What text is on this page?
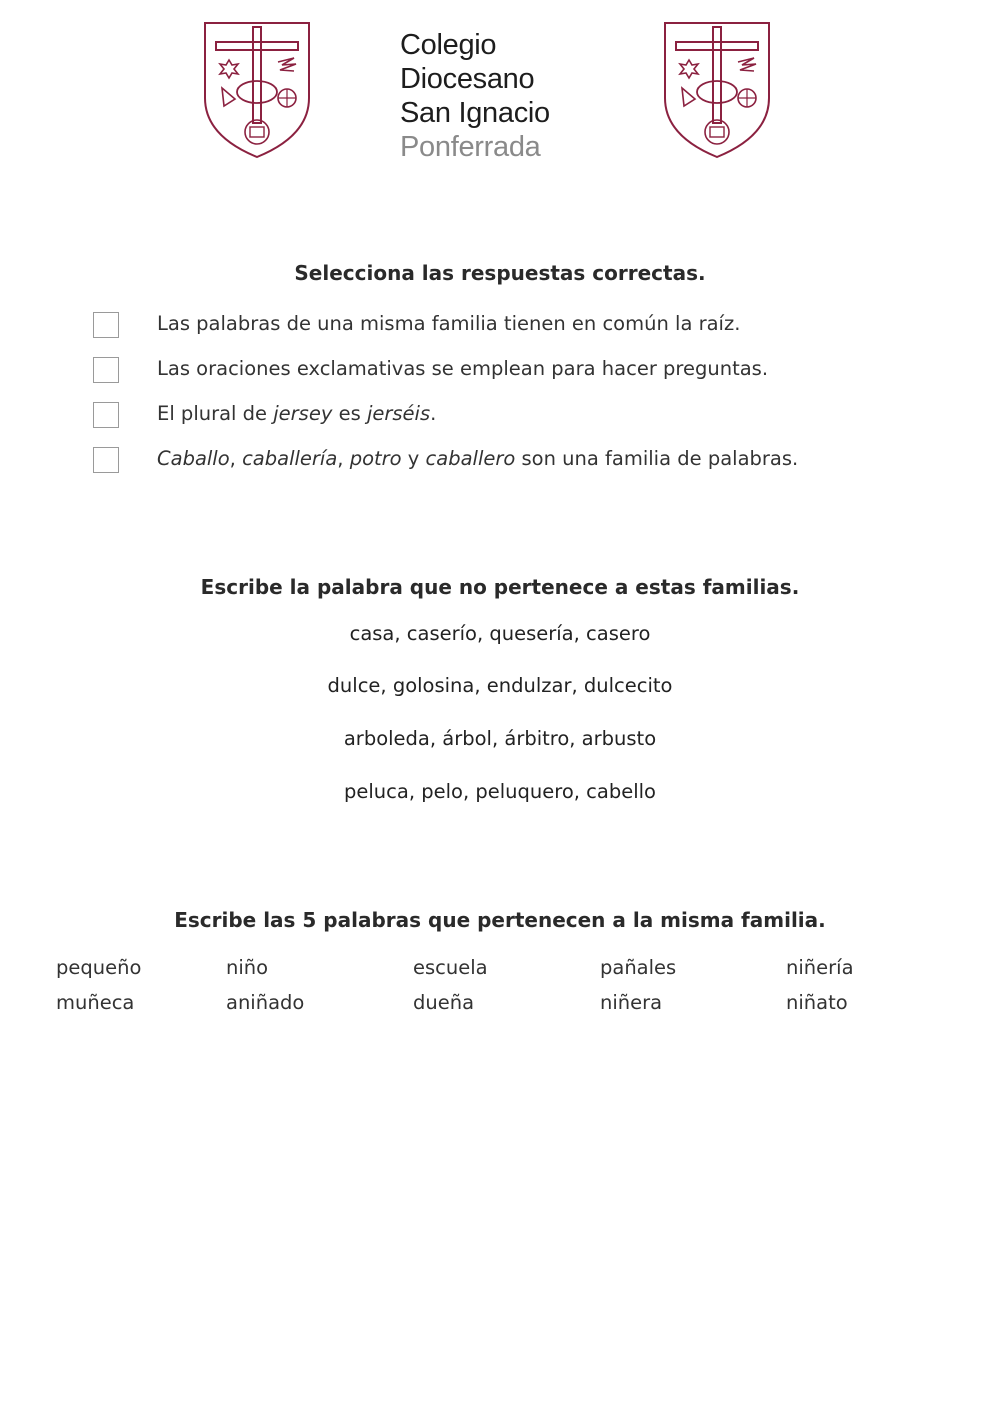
Colegio
Diocesano
San Ignacio
Ponferrada
Selecciona las respuestas correctas.
Las palabras de una misma familia tienen en común la raíz.
Las oraciones exclamativas se emplean para hacer preguntas.
El plural de jersey es jerséis.
Caballo, caballería, potro y caballero son una familia de palabras.
Escribe la palabra que no pertenece a estas familias.
casa, caserío, quesería, casero
dulce, golosina, endulzar, dulcecito
arboleda, árbol, árbitro, arbusto
peluca, pelo, peluquero, cabello
Escribe las 5 palabras que pertenecen a la misma familia.
pequeño	niño	escuela	pañales	niñería
muñeca	aniñado	dueña	niñera	niñato
